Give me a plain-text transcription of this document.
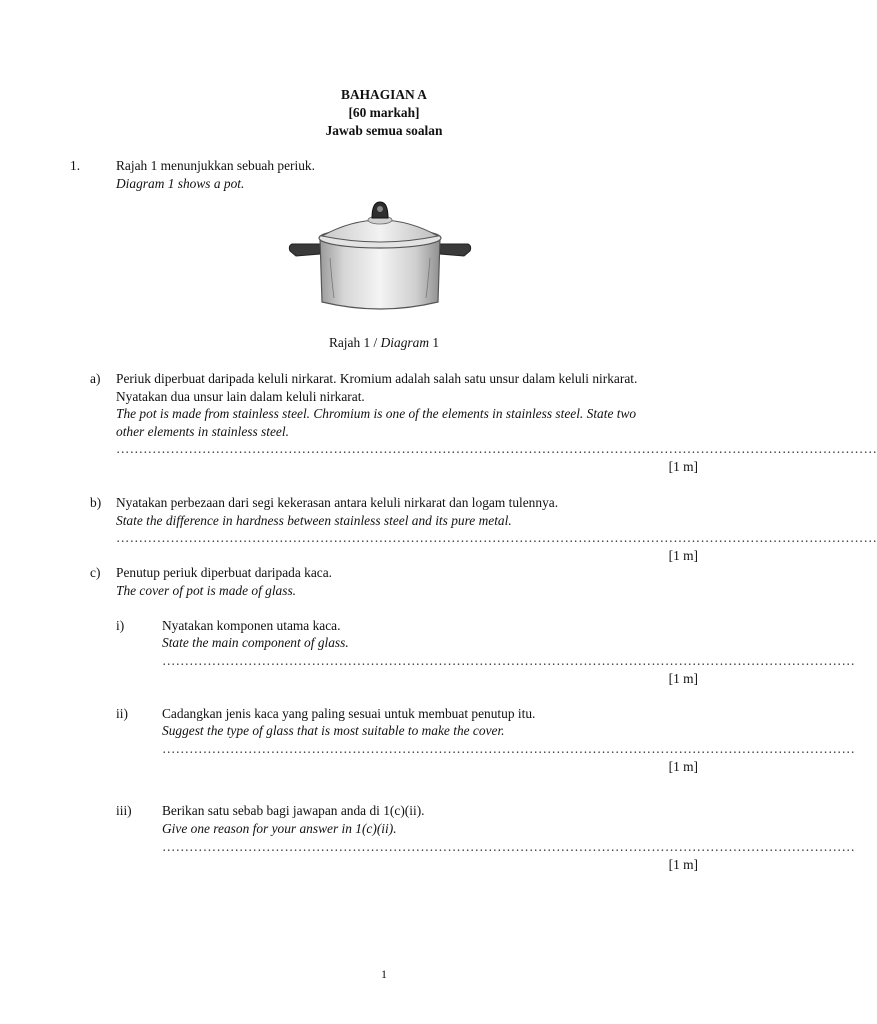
BAHAGIAN A
[60 markah]
Jawab semua soalan
1.	Rajah 1 menunjukkan sebuah periuk.
Diagram 1 shows a pot.
Rajah 1 / Diagram 1
a) Periuk diperbuat daripada keluli nirkarat. Kromium adalah salah satu unsur dalam keluli nirkarat.
Nyatakan dua unsur lain dalam keluli nirkarat.
The pot is made from stainless steel. Chromium is one of the elements in stainless steel. State two
other elements in stainless steel.
……………………………………………………………………………………………………………………………………………………
[1 m]
b) Nyatakan perbezaan dari segi kekerasan antara keluli nirkarat dan logam tulennya.
State the difference in hardness between stainless steel and its pure metal.
……………………………………………………………………………………………………………………………………………………
[1 m]
c) Penutup periuk diperbuat daripada kaca.
The cover of pot is made of glass.
i)	Nyatakan komponen utama kaca.
State the main component of glass.
………………………………………………………………………………………………………………………………………
[1 m]
ii)	Cadangkan jenis kaca yang paling sesuai untuk membuat penutup itu.
Suggest the type of glass that is most suitable to make the cover.
………………………………………………………………………………………………………………………………………
[1 m]
iii) Berikan satu sebab bagi jawapan anda di 1(c)(ii).
Give one reason for your answer in 1(c)(ii).
………………………………………………………………………………………………………………………………………
[1 m]
1
